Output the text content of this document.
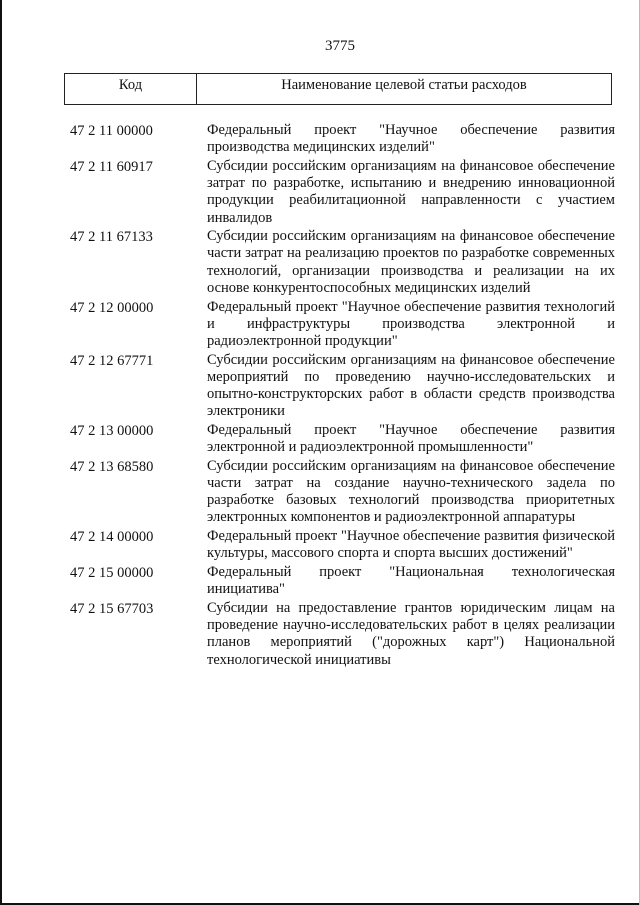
3775
Код	Наименование целевой статьи расходов
47 2 11 00000	Федеральный проект "Научное обеспечение развития производства медицинских изделий"
47 2 11 60917	Субсидии российским организациям на финансовое обеспечение затрат по разработке, испытанию и внедрению инновационной продукции реабилитационной направленности с участием инвалидов
47 2 11 67133	Субсидии российским организациям на финансовое обеспечение части затрат на реализацию проектов по разработке современных технологий, организации производства и реализации на их основе конкурентоспособных медицинских изделий
47 2 12 00000	Федеральный проект "Научное обеспечение развития технологий и инфраструктуры производства электронной и радиоэлектронной продукции"
47 2 12 67771	Субсидии российским организациям на финансовое обеспечение мероприятий по проведению научно-исследовательских и опытно-конструкторских работ в области средств производства электроники
47 2 13 00000	Федеральный проект "Научное обеспечение развития электронной и радиоэлектронной промышленности"
47 2 13 68580	Субсидии российским организациям на финансовое обеспечение части затрат на создание научно-технического задела по разработке базовых технологий производства приоритетных электронных компонентов и радиоэлектронной аппаратуры
47 2 14 00000	Федеральный проект "Научное обеспечение развития физической культуры, массового спорта и спорта высших достижений"
47 2 15 00000	Федеральный проект "Национальная технологическая инициатива"
47 2 15 67703	Субсидии на предоставление грантов юридическим лицам на проведение научно-исследовательских работ в целях реализации планов мероприятий ("дорожных карт") Национальной технологической инициативы
